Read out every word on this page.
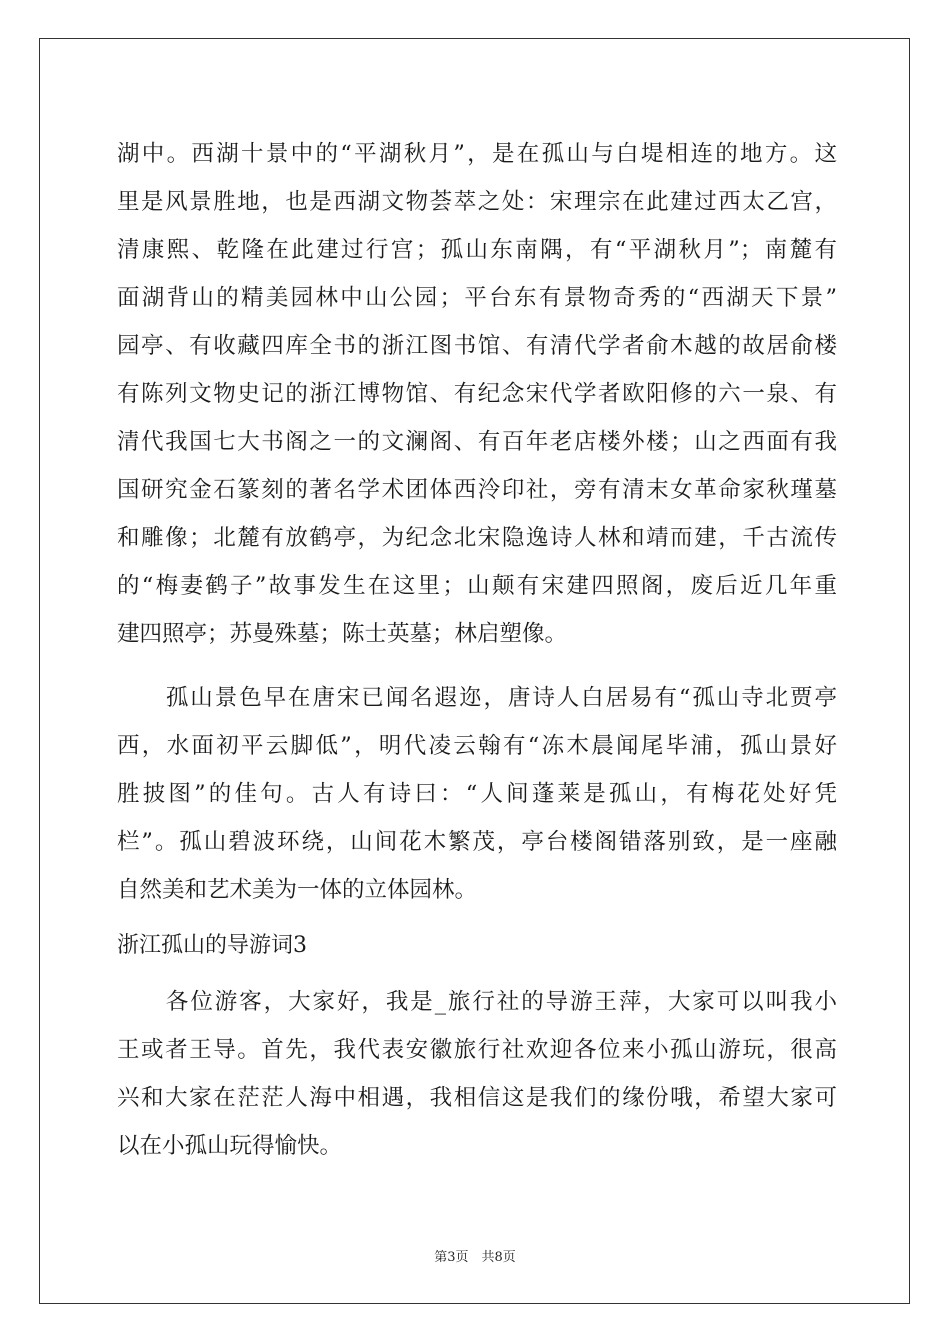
湖中。西湖十景中的“平湖秋月”，是在孤山与白堤相连的地方。这
里是风景胜地，也是西湖文物荟萃之处：宋理宗在此建过西太乙宫，
清康熙、乾隆在此建过行宫；孤山东南隅，有“平湖秋月”；南麓有
面湖背山的精美园林中山公园；平台东有景物奇秀的“西湖天下景”
园亭、有收藏四库全书的浙江图书馆、有清代学者俞木越的故居俞楼
有陈列文物史记的浙江博物馆、有纪念宋代学者欧阳修的六一泉、有
清代我国七大书阁之一的文澜阁、有百年老店楼外楼；山之西面有我
国研究金石篆刻的著名学术团体西泠印社，旁有清末女革命家秋瑾墓
和雕像；北麓有放鹤亭，为纪念北宋隐逸诗人林和靖而建，千古流传
的“梅妻鹤子”故事发生在这里；山颠有宋建四照阁，废后近几年重
建四照亭；苏曼殊墓；陈士英墓；林启塑像。
　　孤山景色早在唐宋已闻名遐迩，唐诗人白居易有“孤山寺北贾亭
西，水面初平云脚低”，明代凌云翰有“冻木晨闻尾毕浦，孤山景好
胜披图”的佳句。古人有诗曰：“人间蓬莱是孤山，有梅花处好凭
栏”。孤山碧波环绕，山间花木繁茂，亭台楼阁错落别致，是一座融
自然美和艺术美为一体的立体园林。
浙江孤山的导游词3
　　各位游客，大家好，我是_旅行社的导游王萍，大家可以叫我小
王或者王导。首先，我代表安徽旅行社欢迎各位来小孤山游玩，很高
兴和大家在茫茫人海中相遇，我相信这是我们的缘份哦，希望大家可
以在小孤山玩得愉快。
第3页　共8页
